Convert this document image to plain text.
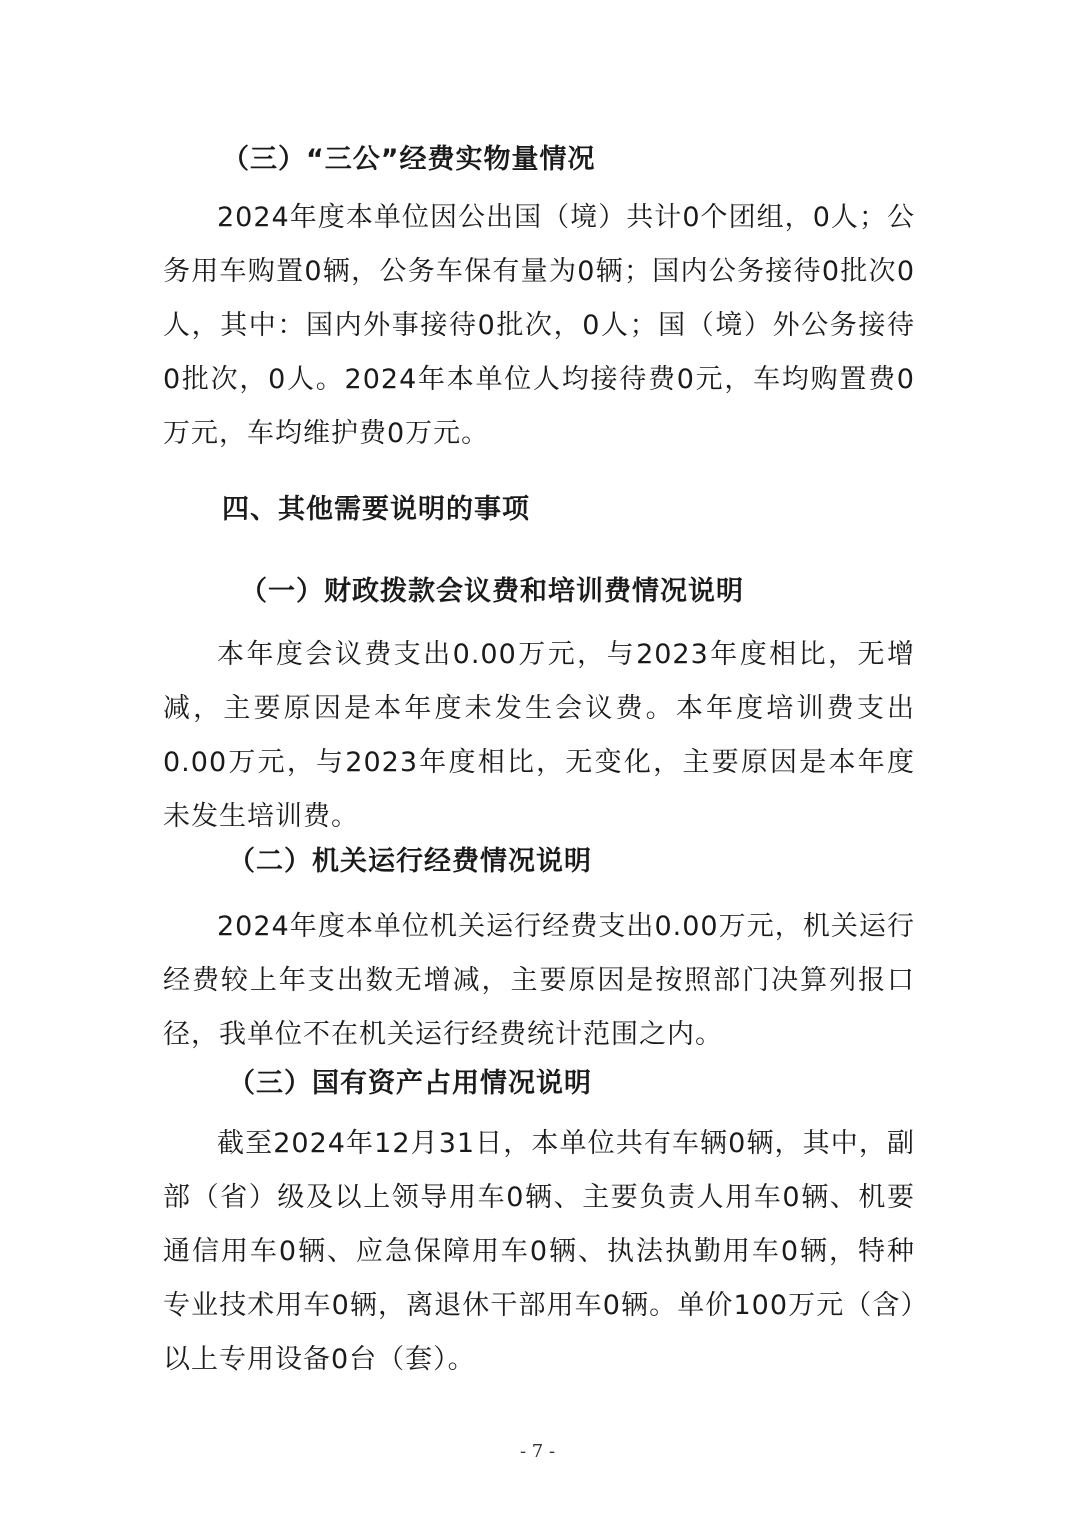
（三）“三公”经费实物量情况

2024年度本单位因公出国（境）共计0个团组，0人；公务用车购置0辆，公务车保有量为0辆；国内公务接待0批次0人，其中：国内外事接待0批次，0人；国（境）外公务接待0批次，0人。2024年本单位人均接待费0元，车均购置费0万元，车均维护费0万元。

四、其他需要说明的事项
（一）财政拨款会议费和培训费情况说明

本年度会议费支出0.00万元，与2023年度相比，无增减，主要原因是本年度未发生会议费。本年度培训费支出0.00万元，与2023年度相比，无变化，主要原因是本年度未发生培训费。

（二）机关运行经费情况说明

2024年度本单位机关运行经费支出0.00万元，机关运行经费较上年支出数无增减，主要原因是按照部门决算列报口径，我单位不在机关运行经费统计范围之内。

（三）国有资产占用情况说明

截至2024年12月31日，本单位共有车辆0辆，其中，副部（省）级及以上领导用车0辆、主要负责人用车0辆、机要通信用车0辆、应急保障用车0辆、执法执勤用车0辆，特种专业技术用车0辆，离退休干部用车0辆。单价100万元（含）以上专用设备0台（套）。

- 7 -
